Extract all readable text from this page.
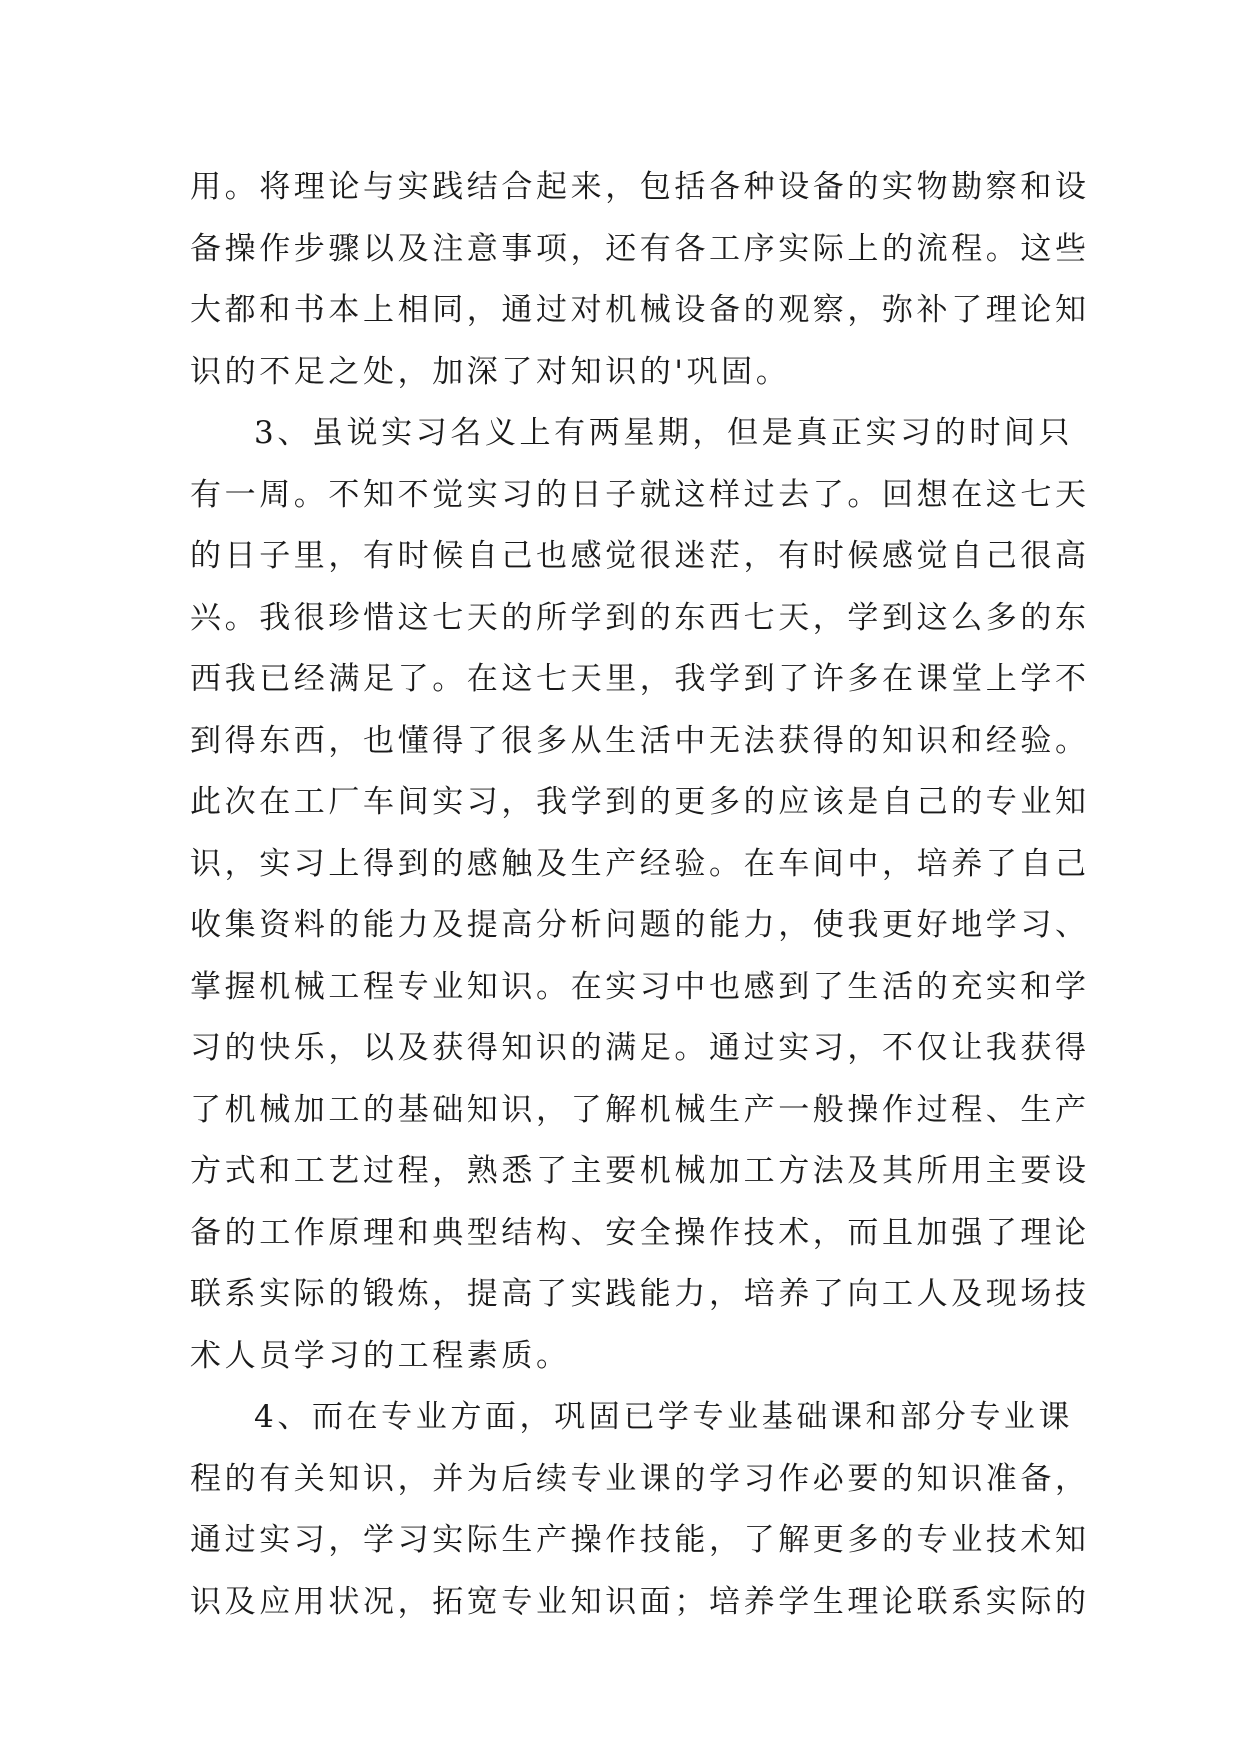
用。将理论与实践结合起来，包括各种设备的实物勘察和设
备操作步骤以及注意事项，还有各工序实际上的流程。这些
大都和书本上相同，通过对机械设备的观察，弥补了理论知
识的不足之处，加深了对知识的'巩固。
3、虽说实习名义上有两星期，但是真正实习的时间只
有一周。不知不觉实习的日子就这样过去了。回想在这七天
的日子里，有时候自己也感觉很迷茫，有时候感觉自己很高
兴。我很珍惜这七天的所学到的东西七天，学到这么多的东
西我已经满足了。在这七天里，我学到了许多在课堂上学不
到得东西，也懂得了很多从生活中无法获得的知识和经验。
此次在工厂车间实习，我学到的更多的应该是自己的专业知
识，实习上得到的感触及生产经验。在车间中，培养了自己
收集资料的能力及提高分析问题的能力，使我更好地学习、
掌握机械工程专业知识。在实习中也感到了生活的充实和学
习的快乐，以及获得知识的满足。通过实习，不仅让我获得
了机械加工的基础知识，了解机械生产一般操作过程、生产
方式和工艺过程，熟悉了主要机械加工方法及其所用主要设
备的工作原理和典型结构、安全操作技术，而且加强了理论
联系实际的锻炼，提高了实践能力，培养了向工人及现场技
术人员学习的工程素质。
4、而在专业方面，巩固已学专业基础课和部分专业课
程的有关知识，并为后续专业课的学习作必要的知识准备，
通过实习，学习实际生产操作技能，了解更多的专业技术知
识及应用状况，拓宽专业知识面；培养学生理论联系实际的
